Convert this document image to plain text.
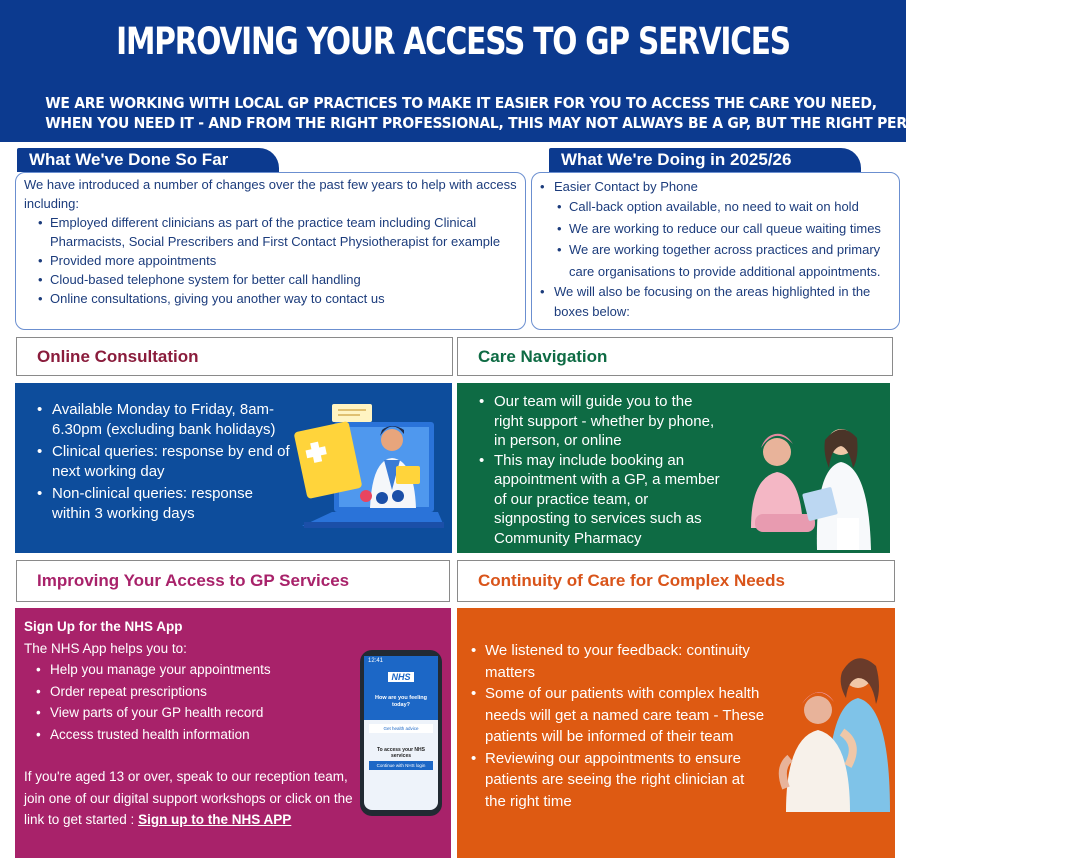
IMPROVING YOUR ACCESS TO GP SERVICES
WE ARE WORKING WITH LOCAL GP PRACTICES TO MAKE IT EASIER FOR YOU TO ACCESS THE CARE YOU NEED,
WHEN YOU NEED IT - AND FROM THE RIGHT PROFESSIONAL, THIS MAY NOT ALWAYS BE A GP, BUT THE RIGHT PERSON FOR YOUR NEEDS.
We have introduced a number of changes over the past few years to help with access including:
• Employed different clinicians as part of the practice team including Clinical Pharmacists, Social Prescribers and First Contact Physiotherapist for example
• Provided more appointments
• Cloud-based telephone system for better call handling
• Online consultations, giving you another way to contact us
What We've Done So Far
• Easier Contact by Phone
• Call-back option available, no need to wait on hold
• We are working to reduce our call queue waiting times
• We are working together across practices and primary care organisations to provide additional appointments.
• We will also be focusing on the areas highlighted in the boxes below:
What We're Doing in 2025/26
Online Consultation
• Available Monday to Friday, 8am-6.30pm (excluding bank holidays)
• Clinical queries: response by end of next working day
• Non-clinical queries: response within 3 working days
Care Navigation
• Our team will guide you to the right support - whether by phone, in person, or online
• This may include booking an appointment with a GP, a member of our practice team, or signposting to services such as Community Pharmacy
Improving Your Access to GP Services
Sign Up for the NHS App
The NHS App helps you to:
• Help you manage your appointments
• Order repeat prescriptions
• View parts of your GP health record
• Access trusted health information
If you're aged 13 or over, speak to our reception team, join one of our digital support workshops or click on the link to get started : Sign up to the NHS APP
12:41
NHS
How are you feeling today?
Get health advice
To access your NHS services
Continue with NHS login
Continuity of Care for Complex Needs
• We listened to your feedback: continuity matters
• Some of our patients with complex health needs will get a named care team - These patients will be informed of their team
• Reviewing our appointments to ensure patients are seeing the right clinician at the right time
